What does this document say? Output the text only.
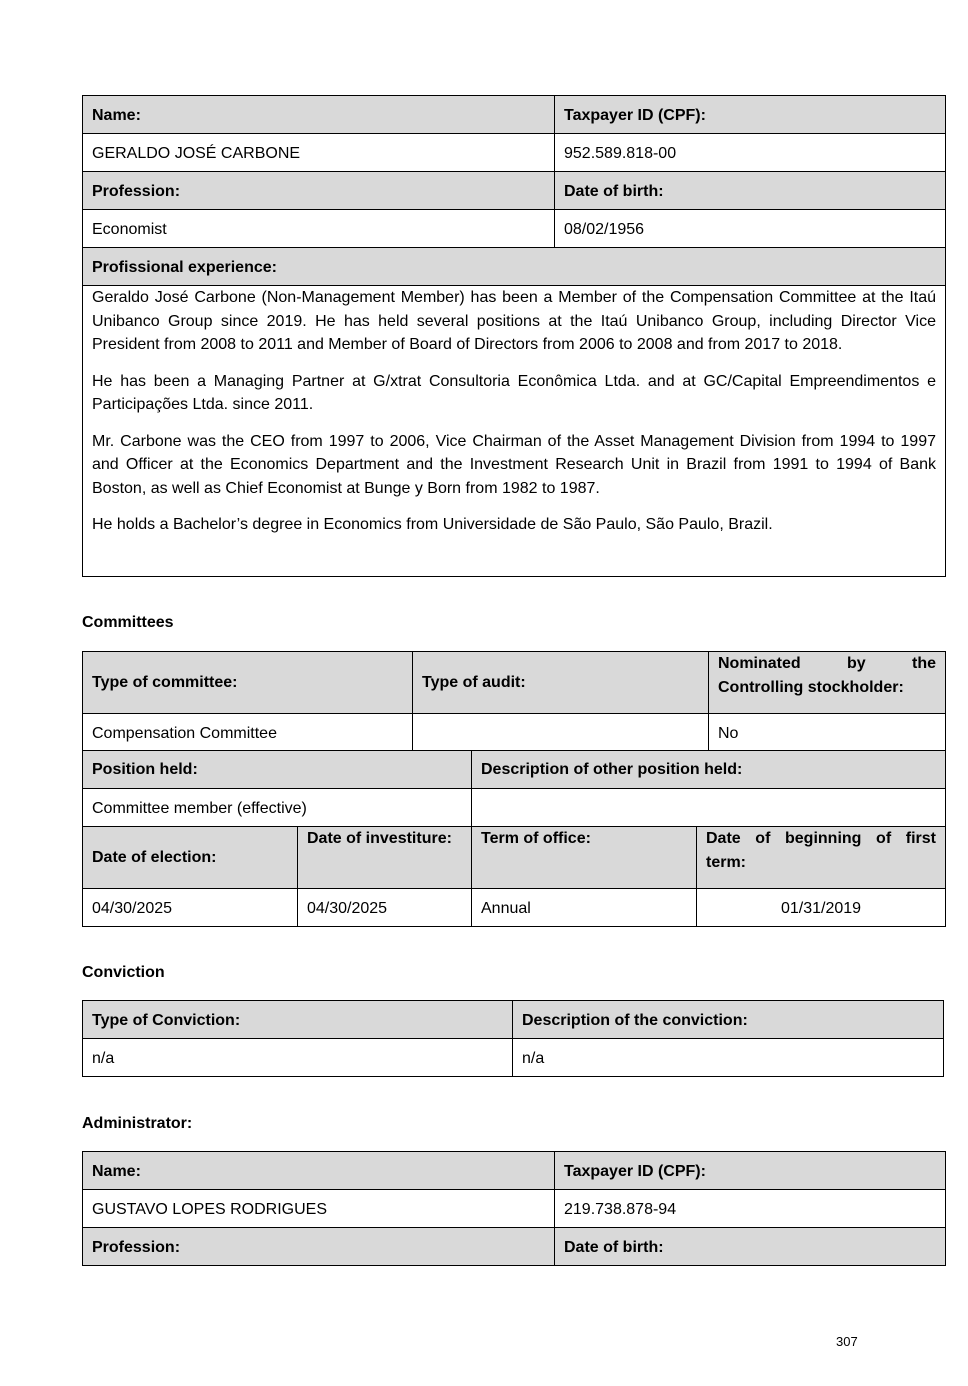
Name:	Taxpayer ID (CPF):
GERALDO JOSÉ CARBONE	952.589.818-00
Profession:	Date of birth:
Economist	08/02/1956
Profissional experience:	

Geraldo José Carbone (Non-Management Member) has been a Member of the Compensation Committee at the Itaú Unibanco Group since 2019. He has held several positions at the Itaú Unibanco Group, including Director Vice President from 2008 to 2011 and Member of Board of Directors from 2006 to 2008 and from 2017 to 2018.

He has been a Managing Partner at G/xtrat Consultoria Econômica Ltda. and at GC/Capital Empreendimentos e Participações Ltda. since 2011.

Mr. Carbone was the CEO from 1997 to 2006, Vice Chairman of the Asset Management Division from 1994 to 1997 and Officer at the Economics Department and the Investment Research Unit in Brazil from 1991 to 1994 of Bank Boston, as well as Chief Economist at Bunge y Born from 1982 to 1987.

He holds a Bachelor’s degree in Economics from Universidade de São Paulo, São Paulo, Brazil.	

Committees
Type of committee:	Type of audit:	Nominated by the Controlling stockholder:
Compensation Committee		No
Position held:	Description of other position held:
Committee member (effective)	
Date of election:	Date of investiture:	Term of office:	Date of beginning of first term:
04/30/2025	04/30/2025	Annual	01/31/2019
Conviction
Type of Conviction:	Description of the conviction:
n/a	n/a
Administrator:
Name:	Taxpayer ID (CPF):
GUSTAVO LOPES RODRIGUES	219.738.878-94
Profession:	Date of birth:
307
